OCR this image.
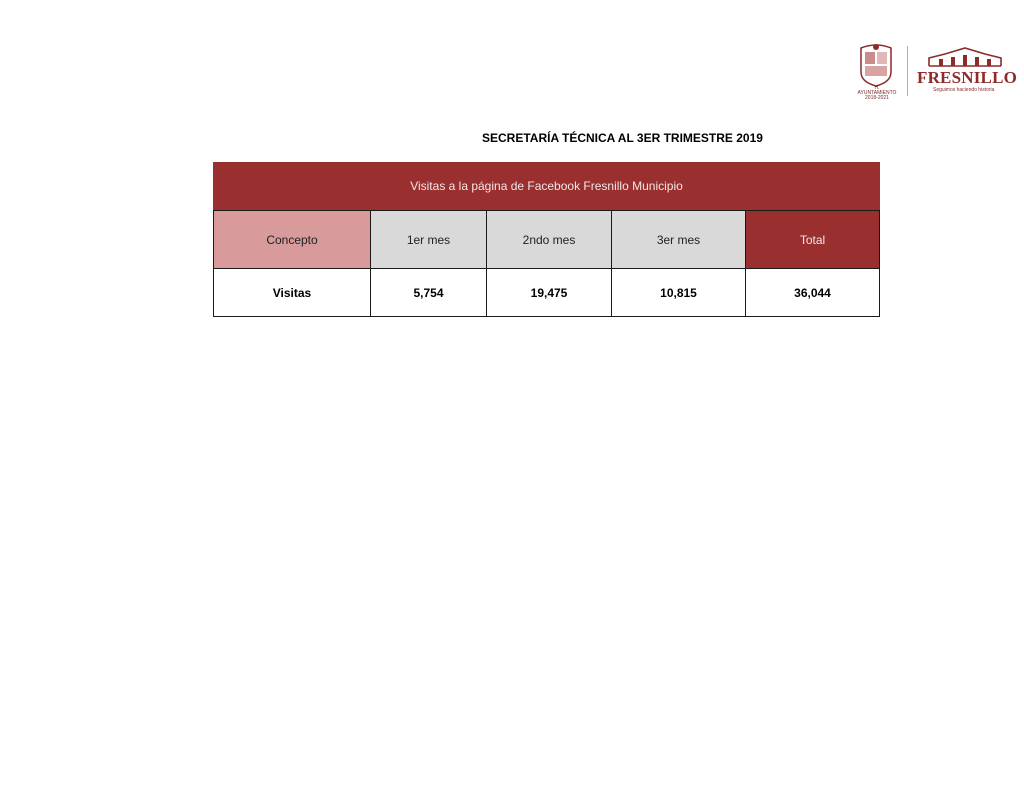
H. AYUNTAMIENTO 2018-2021
FRESNILLO
Seguimos haciendo historia
SECRETARÍA TÉCNICA AL 3ER TRIMESTRE 2019
Visitas a la página de Facebook Fresnillo Municipio
Concepto	1er mes	2ndo mes	3er mes	Total
Visitas	5,754	19,475	10,815	36,044
